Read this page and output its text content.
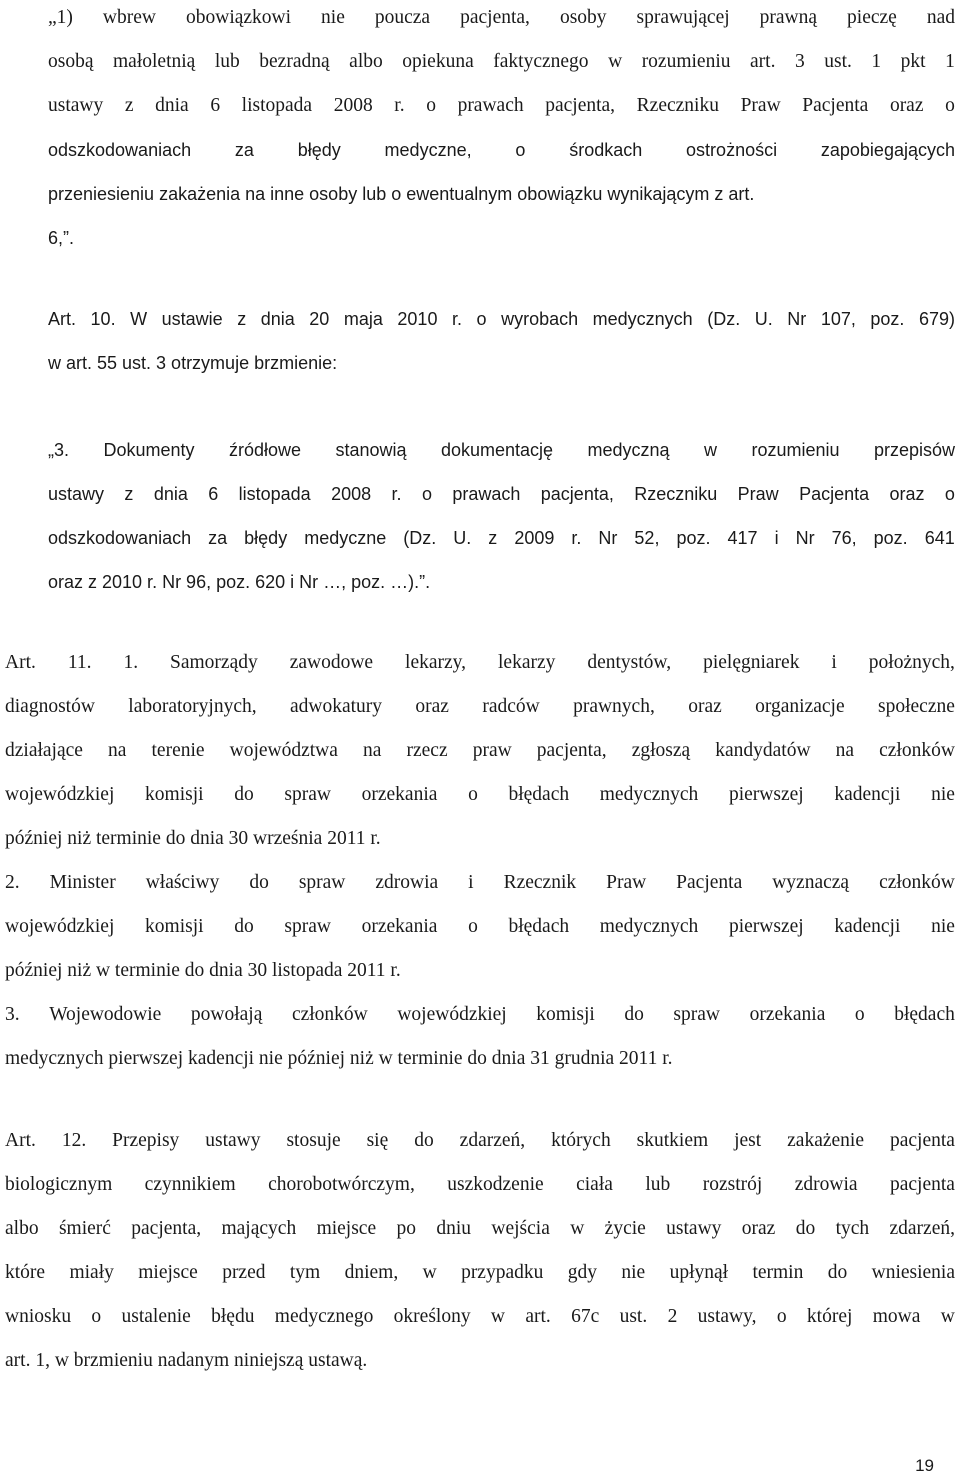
„1) wbrew obowiązkowi nie poucza pacjenta, osoby sprawującej prawną pieczę nad
osobą małoletnią lub bezradną albo opiekuna faktycznego w rozumieniu art. 3 ust. 1 pkt 1
ustawy z dnia 6 listopada 2008 r. o prawach pacjenta, Rzeczniku Praw Pacjenta oraz o
odszkodowaniach za błędy medyczne, o środkach ostrożności zapobiegających
przeniesieniu zakażenia na inne osoby lub o ewentualnym obowiązku wynikającym z art.
6,”.
Art. 10. W ustawie z dnia 20 maja 2010 r. o wyrobach medycznych (Dz. U. Nr 107, poz. 679)
w art. 55 ust. 3 otrzymuje brzmienie:
„3. Dokumenty źródłowe stanowią dokumentację medyczną w rozumieniu przepisów
ustawy z dnia 6 listopada 2008 r. o prawach pacjenta, Rzeczniku Praw Pacjenta oraz o
odszkodowaniach za błędy medyczne (Dz. U. z 2009 r. Nr 52, poz. 417 i Nr 76, poz. 641
oraz z 2010 r. Nr 96, poz. 620 i Nr …, poz. …).”.
Art. 11. 1. Samorządy zawodowe lekarzy, lekarzy dentystów, pielęgniarek i położnych,
diagnostów laboratoryjnych, adwokatury oraz radców prawnych, oraz organizacje społeczne
działające na terenie województwa na rzecz praw pacjenta, zgłoszą kandydatów na członków
wojewódzkiej komisji do spraw orzekania o błędach medycznych pierwszej kadencji nie
później niż terminie do dnia 30 września 2011 r.
2. Minister właściwy do spraw zdrowia i Rzecznik Praw Pacjenta wyznaczą członków
wojewódzkiej komisji do spraw orzekania o błędach medycznych pierwszej kadencji nie
później niż w terminie do dnia 30 listopada 2011 r.
3. Wojewodowie powołają członków wojewódzkiej komisji do spraw orzekania o błędach
medycznych pierwszej kadencji nie później niż w terminie do dnia 31 grudnia 2011 r.
Art. 12. Przepisy ustawy stosuje się do zdarzeń, których skutkiem jest zakażenie pacjenta
biologicznym czynnikiem chorobotwórczym, uszkodzenie ciała lub rozstrój zdrowia pacjenta
albo śmierć pacjenta, mających miejsce po dniu wejścia w życie ustawy oraz do tych zdarzeń,
które miały miejsce przed tym dniem, w przypadku gdy nie upłynął termin do wniesienia
wniosku o ustalenie błędu medycznego określony w art. 67c ust. 2 ustawy, o której mowa w
art. 1, w brzmieniu nadanym niniejszą ustawą.
19
